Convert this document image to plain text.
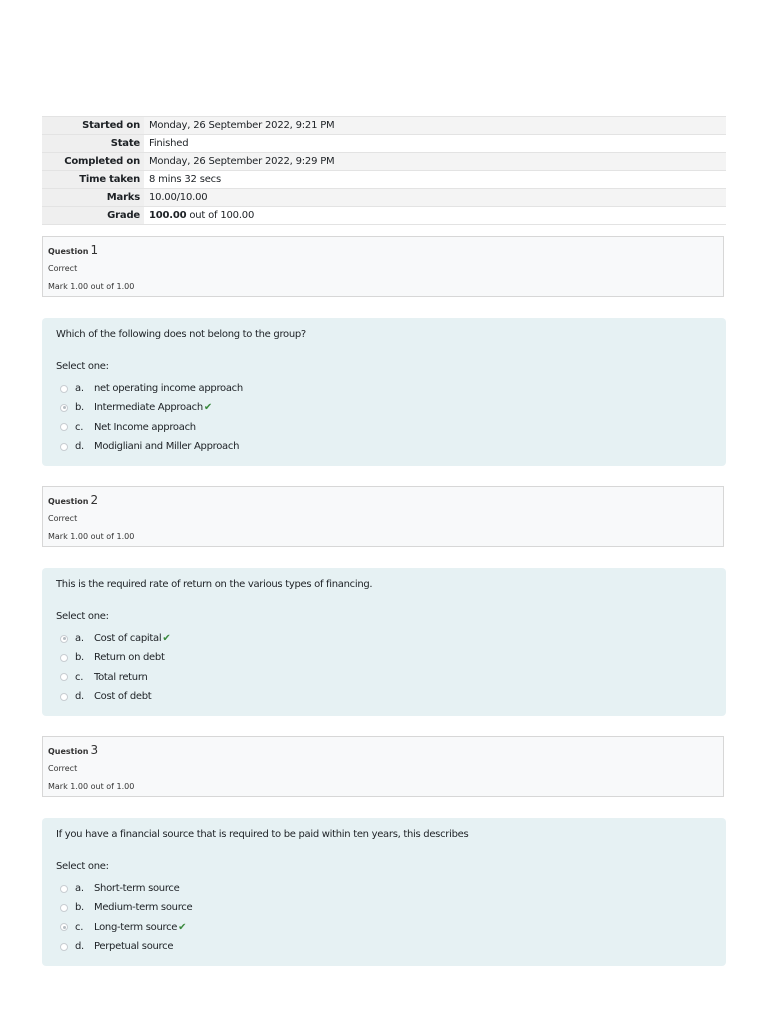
Started on	Monday, 26 September 2022, 9:21 PM
State	Finished
Completed on	Monday, 26 September 2022, 9:29 PM
Time taken	8 mins 32 secs
Marks	10.00/10.00
Grade	100.00 out of 100.00
Question 1
Correct
Mark 1.00 out of 1.00
Which of the following does not belong to the group?
Select one:
a.	net operating income approach
b.	Intermediate Approach ✔
c.	Net Income approach
d.	Modigliani and Miller Approach
Question 2
Correct
Mark 1.00 out of 1.00
This is the required rate of return on the various types of financing.
Select one:
a.	Cost of capital ✔
b.	Return on debt
c.	Total return
d.	Cost of debt
Question 3
Correct
Mark 1.00 out of 1.00
If you have a financial source that is required to be paid within ten years, this describes
Select one:
a.	Short-term source
b.	Medium-term source
c.	Long-term source ✔
d.	Perpetual source
